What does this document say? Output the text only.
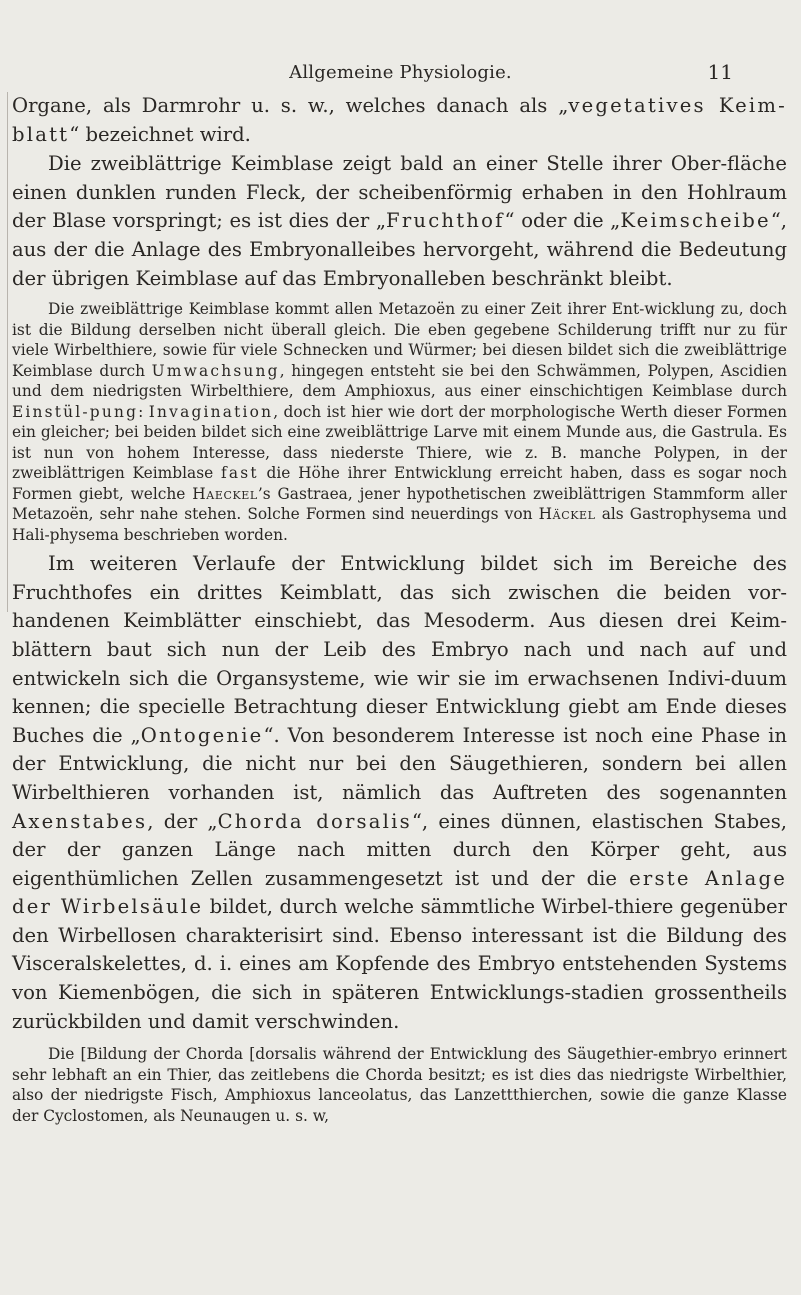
Allgemeine Physiologie.	11

Organe, als Darmrohr u. s. w., welches danach als „vegetatives Keim-blatt“ bezeichnet wird.

Die zweiblättrige Keimblase zeigt bald an einer Stelle ihrer Ober-fläche einen dunklen runden Fleck, der scheibenförmig erhaben in den Hohlraum der Blase vorspringt; es ist dies der „Fruchthof“ oder die „Keimscheibe“, aus der die Anlage des Embryonalleibes hervorgeht, während die Bedeutung der übrigen Keimblase auf das Embryonalleben beschränkt bleibt.

Die zweiblättrige Keimblase kommt allen Metazoën zu einer Zeit ihrer Ent-wicklung zu, doch ist die Bildung derselben nicht überall gleich. Die eben gegebene Schilderung trifft nur zu für viele Wirbelthiere, sowie für viele Schnecken und Würmer; bei diesen bildet sich die zweiblättrige Keimblase durch Umwachsung, hingegen entsteht sie bei den Schwämmen, Polypen, Ascidien und dem niedrigsten Wirbelthiere, dem Amphioxus, aus einer einschichtigen Keimblase durch Einstül-pung: Invagination, doch ist hier wie dort der morphologische Werth dieser Formen ein gleicher; bei beiden bildet sich eine zweiblättrige Larve mit einem Munde aus, die Gastrula. Es ist nun von hohem Interesse, dass niederste Thiere, wie z. B. manche Polypen, in der zweiblättrigen Keimblase fast die Höhe ihrer Entwicklung erreicht haben, dass es sogar noch Formen giebt, welche Haeckel’s Gastraea, jener hypothetischen zweiblättrigen Stammform aller Metazoën, sehr nahe stehen. Solche Formen sind neuerdings von Häckel als Gastrophysema und Hali-physema beschrieben worden.

Im weiteren Verlaufe der Entwicklung bildet sich im Bereiche des Fruchthofes ein drittes Keimblatt, das sich zwischen die beiden vor-handenen Keimblätter einschiebt, das Mesoderm. Aus diesen drei Keim-blättern baut sich nun der Leib des Embryo nach und nach auf und entwickeln sich die Organsysteme, wie wir sie im erwachsenen Indivi-duum kennen; die specielle Betrachtung dieser Entwicklung giebt am Ende dieses Buches die „Ontogenie“. Von besonderem Interesse ist noch eine Phase in der Entwicklung, die nicht nur bei den Säugethieren, sondern bei allen Wirbelthieren vorhanden ist, nämlich das Auftreten des sogenannten Axenstabes, der „Chorda dorsalis“, eines dünnen, elastischen Stabes, der der ganzen Länge nach mitten durch den Körper geht, aus eigenthümlichen Zellen zusammengesetzt ist und der die erste Anlage der Wirbelsäule bildet, durch welche sämmtliche Wirbel-thiere gegenüber den Wirbellosen charakterisirt sind. Ebenso interessant ist die Bildung des Visceralskelettes, d. i. eines am Kopfende des Embryo entstehenden Systems von Kiemenbögen, die sich in späteren Entwicklungs-stadien grossentheils zurückbilden und damit verschwinden.

Die [Bildung der Chorda [dorsalis während der Entwicklung des Säugethier-embryo erinnert sehr lebhaft an ein Thier, das zeitlebens die Chorda besitzt; es ist dies das niedrigste Wirbelthier, also der niedrigste Fisch, Amphioxus lanceolatus, das Lanzettthierchen, sowie die ganze Klasse der Cyclostomen, als Neunaugen u. s. w,
